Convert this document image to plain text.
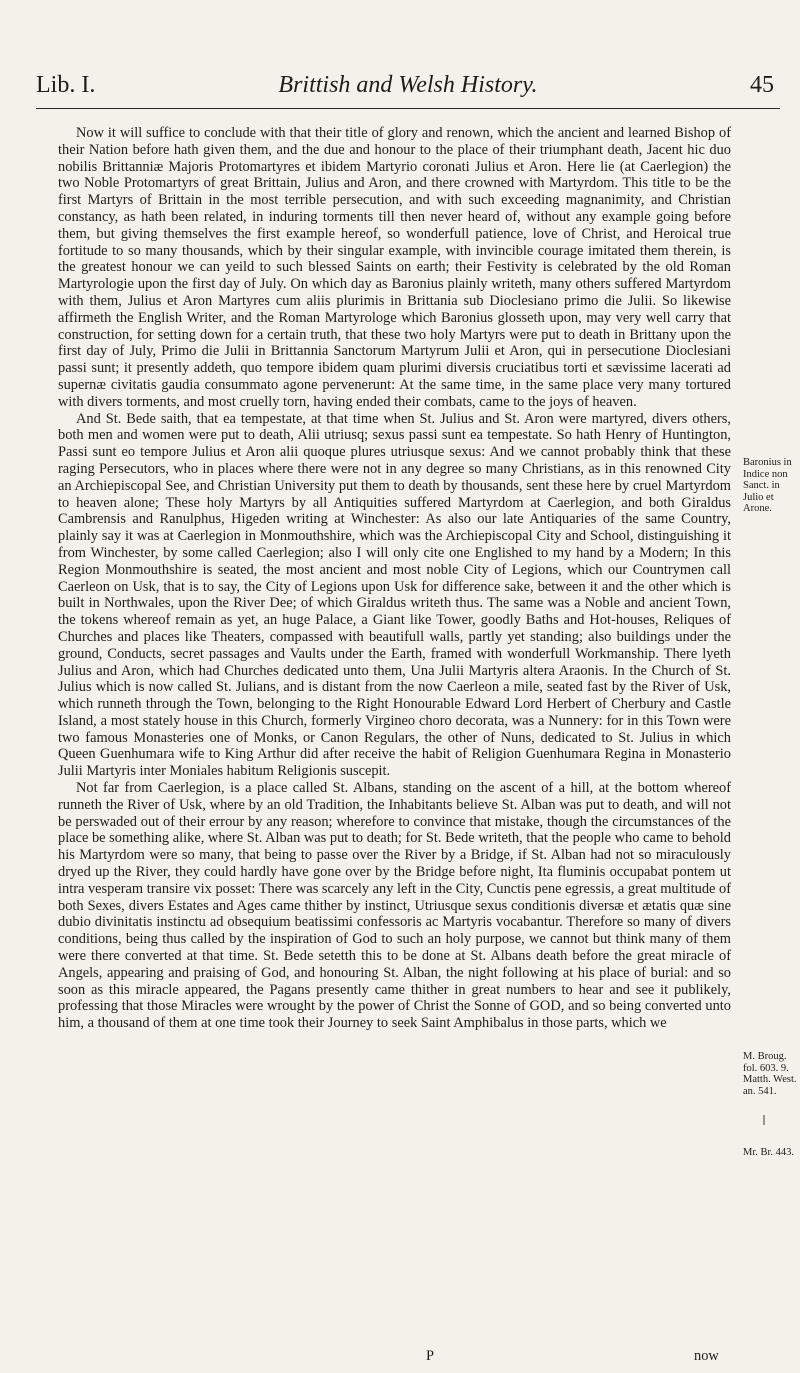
Lib. I.	Brittish and Welsh History.	45

Now it will suffice to conclude with that their title of glory and renown, which the ancient and learned Bishop of their Nation before hath given them, and the due and honour to the place of their triumphant death, Jacent hic duo nobilis Brittanniæ Majoris Protomartyres et ibidem Martyrio coronati Julius et Aron. Here lie (at Caerlegion) the two Noble Protomartyrs of great Brittain, Julius and Aron, and there crowned with Martyrdom. This title to be the first Martyrs of Brittain in the most terrible persecution, and with such exceeding magnanimity, and Christian constancy, as hath been related, in induring torments till then never heard of, without any example going before them, but giving themselves the first example hereof, so wonderfull patience, love of Christ, and Heroical true fortitude to so many thousands, which by their singular example, with invincible courage imitated them therein, is the greatest honour we can yeild to such blessed Saints on earth; their Festivity is celebrated by the old Roman Martyrologie upon the first day of July. On which day as Baronius plainly writeth, many others suffered Martyrdom with them, Julius et Aron Martyres cum aliis plurimis in Brittania sub Dioclesiano primo die Julii. So likewise affirmeth the English Writer, and the Roman Martyrologe which Baronius glosseth upon, may very well carry that construction, for setting down for a certain truth, that these two holy Martyrs were put to death in Brittany upon the first day of July, Primo die Julii in Brittannia Sanctorum Martyrum Julii et Aron, qui in persecutione Dioclesiani passi sunt; it presently addeth, quo tempore ibidem quam plurimi diversis cruciatibus torti et sævissime lacerati ad supernæ civitatis gaudia consummato agone pervenerunt: At the same time, in the same place very many tortured with divers torments, and most cruelly torn, having ended their combats, came to the joys of heaven.

And St. Bede saith, that ea tempestate, at that time when St. Julius and St. Aron were martyred, divers others, both men and women were put to death, Alii utriusq; sexus passi sunt ea tempestate. So hath Henry of Huntington, Passi sunt eo tempore Julius et Aron alii quoque plures utriusque sexus: And we cannot probably think that these raging Persecutors, who in places where there were not in any degree so many Christians, as in this renowned City an Archiepiscopal See, and Christian University put them to death by thousands, sent these here by cruel Martyrdom to heaven alone; These holy Martyrs by all Antiquities suffered Martyrdom at Caerlegion, and both Giraldus Cambrensis and Ranulphus, Higeden writing at Winchester: As also our late Antiquaries of the same Country, plainly say it was at Caerlegion in Monmouthshire, which was the Archiepiscopal City and School, distinguishing it from Winchester, by some called Caerlegion; also I will only cite one Englished to my hand by a Modern; In this Region Monmouthshire is seated, the most ancient and most noble City of Legions, which our Countrymen call Caerleon on Usk, that is to say, the City of Legions upon Usk for difference sake, between it and the other which is built in Northwales, upon the River Dee; of which Giraldus writeth thus. The same was a Noble and ancient Town, the tokens whereof remain as yet, an huge Palace, a Giant like Tower, goodly Baths and Hot-houses, Reliques of Churches and places like Theaters, compassed with beautifull walls, partly yet standing; also buildings under the ground, Conducts, secret passages and Vaults under the Earth, framed with wonderfull Workmanship. There lyeth Julius and Aron, which had Churches dedicated unto them, Una Julii Martyris altera Araonis. In the Church of St. Julius which is now called St. Julians, and is distant from the now Caerleon a mile, seated fast by the River of Usk, which runneth through the Town, belonging to the Right Honourable Edward Lord Herbert of Cherbury and Castle Island, a most stately house in this Church, formerly Virgineo choro decorata, was a Nunnery: for in this Town were two famous Monasteries one of Monks, or Canon Regulars, the other of Nuns, dedicated to St. Julius in which Queen Guenhumara wife to King Arthur did after receive the habit of Religion Guenhumara Regina in Monasterio Julii Martyris inter Moniales habitum Religionis suscepit.

Not far from Caerlegion, is a place called St. Albans, standing on the ascent of a hill, at the bottom whereof runneth the River of Usk, where by an old Tradition, the Inhabitants believe St. Alban was put to death, and will not be perswaded out of their errour by any reason; wherefore to convince that mistake, though the circumstances of the place be something alike, where St. Alban was put to death; for St. Bede writeth, that the people who came to behold his Martyrdom were so many, that being to passe over the River by a Bridge, if St. Alban had not so miraculously dryed up the River, they could hardly have gone over by the Bridge before night, Ita fluminis occupabat pontem ut intra vesperam transire vix posset: There was scarcely any left in the City, Cunctis pene egressis, a great multitude of both Sexes, divers Estates and Ages came thither by instinct, Utriusque sexus conditionis diversæ et ætatis quæ sine dubio divinitatis instinctu ad obsequium beatissimi confessoris ac Martyris vocabantur. Therefore so many of divers conditions, being thus called by the inspiration of God to such an holy purpose, we cannot but think many of them were there converted at that time. St. Bede setetth this to be done at St. Albans death before the great miracle of Angels, appearing and praising of God, and honouring St. Alban, the night following at his place of burial: and so soon as this miracle appeared, the Pagans presently came thither in great numbers to hear and see it publikely, professing that those Miracles were wrought by the power of Christ the Sonne of GOD, and so being converted unto him, a thousand of them at one time took their Journey to seek Saint Amphibalus in those parts, which we

Baronius in Indice non Sanct. in Julio et Arone.
M. Broug. fol. 603. 9. Matth. West. an. 541.
Mr. Br. 443.
P	now
